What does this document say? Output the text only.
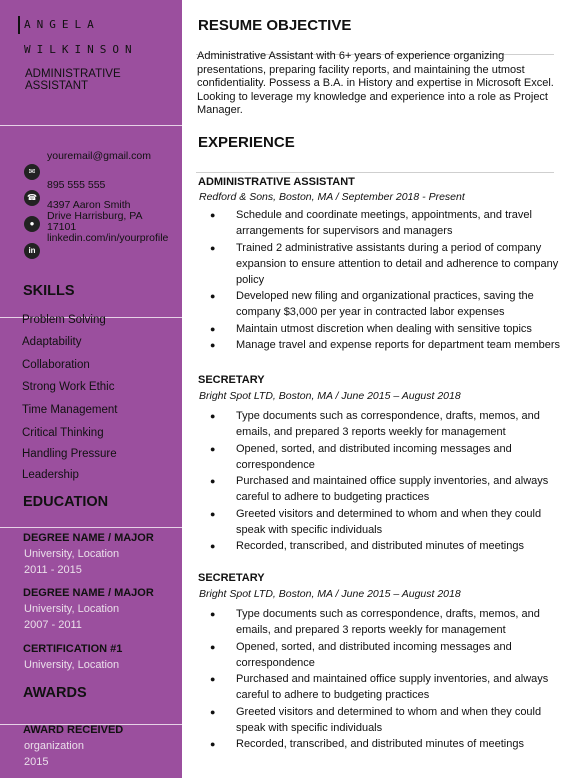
ANGELA
WILKINSON
ADMINISTRATIVE ASSISTANT
youremail@gmail.com
✉
895 555 555
☎
4397 Aaron Smith
Drive Harrisburg, PA
●	17101
linkedin.com/in/yourprofile
in
SKILLS
Problem Solving
Adaptability
Collaboration
Strong Work Ethic
Time Management
Critical Thinking
Handling Pressure
Leadership
EDUCATION
DEGREE NAME / MAJOR
University, Location
2011 - 2015
DEGREE NAME / MAJOR
University, Location
2007 - 2011
CERTIFICATION #1
University, Location
AWARDS
AWARD RECEIVED
organization
2015
RESUME OBJECTIVE
Administrative Assistant with 6+ years of experience organizing presentations, preparing facility reports, and maintaining the utmost confidentiality. Possess a B.A. in History and expertise in Microsoft Excel. Looking to leverage my knowledge and experience into a role as Project Manager.
EXPERIENCE
ADMINISTRATIVE ASSISTANT
Redford & Sons, Boston, MA / September 2018 - Present
● Schedule and coordinate meetings, appointments, and travel arrangements for supervisors and managers
● Trained 2 administrative assistants during a period of company expansion to ensure attention to detail and adherence to company policy
● Developed new filing and organizational practices, saving the company $3,000 per year in contracted labor expenses
● Maintain utmost discretion when dealing with sensitive topics
● Manage travel and expense reports for department team members
SECRETARY
Bright Spot LTD, Boston, MA / June 2015 – August 2018
● Type documents such as correspondence, drafts, memos, and emails, and prepared 3 reports weekly for management
● Opened, sorted, and distributed incoming messages and correspondence
● Purchased and maintained office supply inventories, and always careful to adhere to budgeting practices
● Greeted visitors and determined to whom and when they could speak with specific individuals
● Recorded, transcribed, and distributed minutes of meetings
SECRETARY
Bright Spot LTD, Boston, MA / June 2015 – August 2018
● Type documents such as correspondence, drafts, memos, and emails, and prepared 3 reports weekly for management
● Opened, sorted, and distributed incoming messages and correspondence
● Purchased and maintained office supply inventories, and always careful to adhere to budgeting practices
● Greeted visitors and determined to whom and when they could speak with specific individuals
● Recorded, transcribed, and distributed minutes of meetings
